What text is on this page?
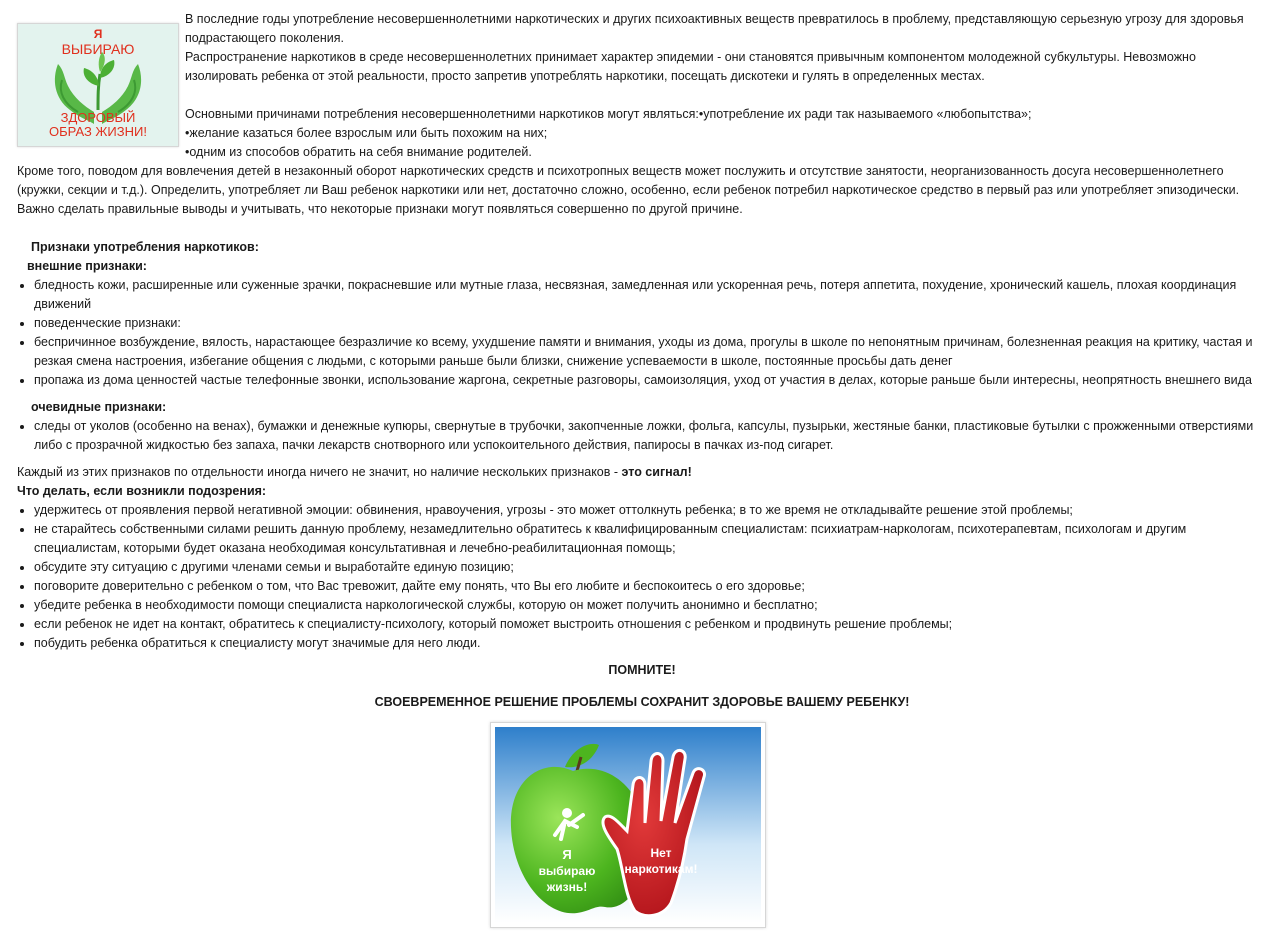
Я
ВЫБИРАЮ
ЗДОРОВЫЙ
ОБРАЗ ЖИЗНИ!

В последние годы употребление несовершеннолетними наркотических и других психоактивных веществ превратилось в проблему, представляющую серьезную угрозу для здоровья подрастающего поколения.

Распространение наркотиков в среде несовершеннолетних принимает характер эпидемии - они становятся привычным компонентом молодежной субкультуры. Невозможно изолировать ребенка от этой реальности, просто запретив употреблять наркотики, посещать дискотеки и гулять в определенных местах.

Основными причинами потребления несовершеннолетними наркотиков могут являться:•употребление их ради так называемого «любопытства»;

•желание казаться более взрослым или быть похожим на них;

•одним из способов обратить на себя внимание родителей.

Кроме того, поводом для вовлечения детей в незаконный оборот наркотических средств и психотропных веществ может послужить и отсутствие занятости, неорганизованность досуга несовершеннолетнего (кружки, секции и т.д.). Определить, употребляет ли Ваш ребенок наркотики или нет, достаточно сложно, особенно, если ребенок потребил наркотическое средство в первый раз или употребляет эпизодически. Важно сделать правильные выводы и учитывать, что некоторые признаки могут появляться совершенно по другой причине.

Признаки употребления наркотиков:

внешние признаки:

• бледность кожи, расширенные или суженные зрачки, покрасневшие или мутные глаза, несвязная, замедленная или ускоренная речь, потеря аппетита, похудение, хронический кашель, плохая координация движений
• поведенческие признаки:
• беспричинное возбуждение, вялость, нарастающее безразличие ко всему, ухудшение памяти и внимания, уходы из дома, прогулы в школе по непонятным причинам, болезненная реакция на критику, частая и резкая смена настроения, избегание общения с людьми, с которыми раньше были близки, снижение успеваемости в школе, постоянные просьбы дать денег
• пропажа из дома ценностей частые телефонные звонки, использование жаргона, секретные разговоры, самоизоляция, уход от участия в делах, которые раньше были интересны, неопрятность внешнего вида

очевидные признаки:

• следы от уколов (особенно на венах), бумажки и денежные купюры, свернутые в трубочки, закопченные ложки, фольга, капсулы, пузырьки, жестяные банки, пластиковые бутылки с прожженными отверстиями либо с прозрачной жидкостью без запаха, пачки лекарств снотворного или успокоительного действия, папиросы в пачках из-под сигарет.

Каждый из этих признаков по отдельности иногда ничего не значит, но наличие нескольких признаков - это сигнал!

Что делать, если возникли подозрения:

• удержитесь от проявления первой негативной эмоции: обвинения, нравоучения, угрозы - это может оттолкнуть ребенка; в то же время не откладывайте решение этой проблемы;
• не старайтесь собственными силами решить данную проблему, незамедлительно обратитесь к квалифицированным специалистам: психиатрам-наркологам, психотерапевтам, психологам и другим специалистам, которыми будет оказана необходимая консультативная и лечебно-реабилитационная помощь;
• обсудите эту ситуацию с другими членами семьи и выработайте единую позицию;
• поговорите доверительно с ребенком о том, что Вас тревожит, дайте ему понять, что Вы его любите и беспокоитесь о его здоровье;
• убедите ребенка в необходимости помощи специалиста наркологической службы, которую он может получить анонимно и бесплатно;
• если ребенок не идет на контакт, обратитесь к специалисту-психологу, который поможет выстроить отношения с ребенком и продвинуть решение проблемы;
• побудить ребенка обратиться к специалисту могут значимые для него люди.

ПОМНИТЕ!

СВОЕВРЕМЕННОЕ РЕШЕНИЕ ПРОБЛЕМЫ СОХРАНИТ ЗДОРОВЬЕ ВАШЕМУ РЕБЕНКУ!

Я
выбираю
жизнь!
Нет
наркотикам!
